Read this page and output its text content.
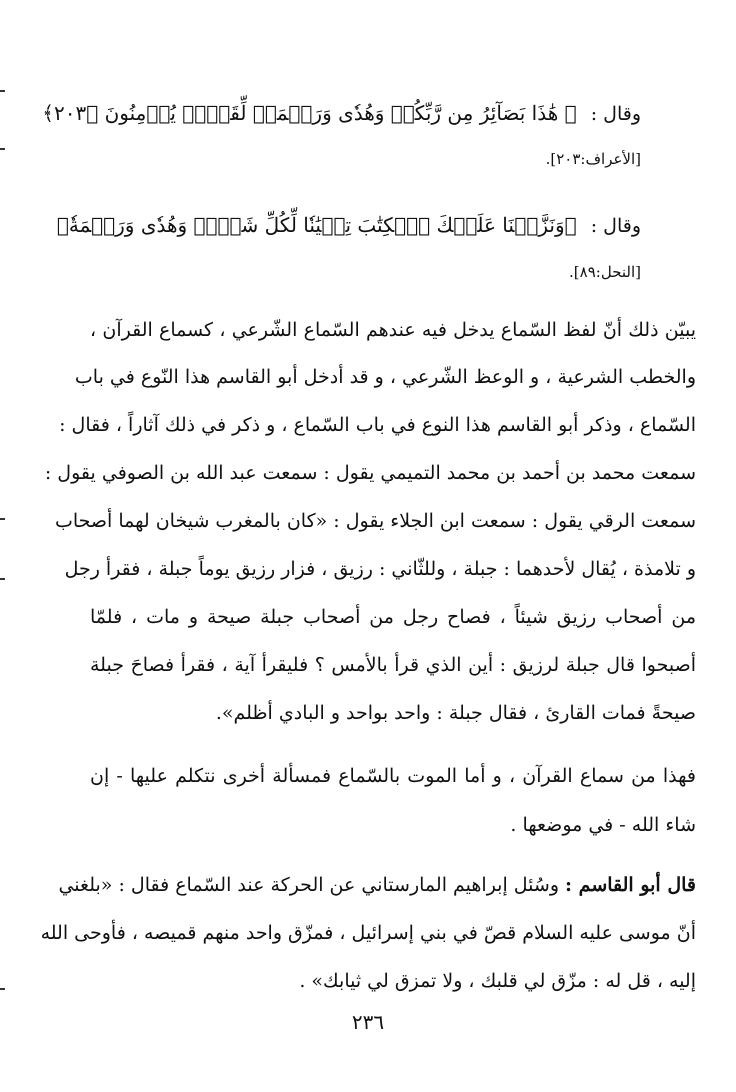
وقال : ﴿ هَٰذَا بَصَآئِرُ مِن رَّبِّكُمۡ وَهُدٗى وَرَحۡمَةٞ لِّقَوۡمٖ يُؤۡمِنُونَ ﴿٢٠٣﴾
[الأعراف:٢٠٣].
وقال : ﴿وَنَزَّلۡنَا عَلَيۡكَ ٱلۡكِتَٰبَ تِبۡيَٰنٗا لِّكُلِّ شَيۡءٖ وَهُدٗى وَرَحۡمَةٗ﴾
[النحل:٨٩].
يبيّن ذلك أنّ لفظ السّماع يدخل فيه عندهم السّماع الشّرعي ، كسماع القرآن ،
والخطب الشرعية ، و الوعظ الشّرعي ، و قد أدخل أبو القاسم هذا النّوع في باب
السّماع ، وذكر أبو القاسم هذا النوع في باب السّماع ، و ذكر في ذلك آثاراً ، فقال :
سمعت محمد بن أحمد بن محمد التميمي يقول : سمعت عبد الله بن الصوفي يقول :
سمعت الرقي يقول : سمعت ابن الجلاء يقول : «كان بالمغرب شيخان لهما أصحاب
و تلامذة ، يُقال لأحدهما : جبلة ، وللثّاني : رزيق ، فزار رزيق يوماً جبلة ، فقرأ رجل
من أصحاب رزيق شيئاً ، فصاح رجل من أصحاب جبلة صيحة و مات ، فلمّا
أصبحوا قال جبلة لرزيق : أين الذي قرأ بالأمس ؟ فليقرأ آية ، فقرأ فصاحَ جبلة
صيحةً فمات القارئ ، فقال جبلة : واحد بواحد و البادي أظلم».
فهذا من سماع القرآن ، و أما الموت بالسّماع فمسألة أخرى نتكلم عليها - إن
شاء الله - في موضعها .
قال أبو القاسم : وسُئل إبراهيم المارستاني عن الحركة عند السّماع فقال : «بلغني
أنّ موسى عليه السلام قصّ في بني إسرائيل ، فمزّق واحد منهم قميصه ، فأوحى الله
إليه ، قل له : مزّق لي قلبك ، ولا تمزق لي ثيابك» .
٢٣٦
